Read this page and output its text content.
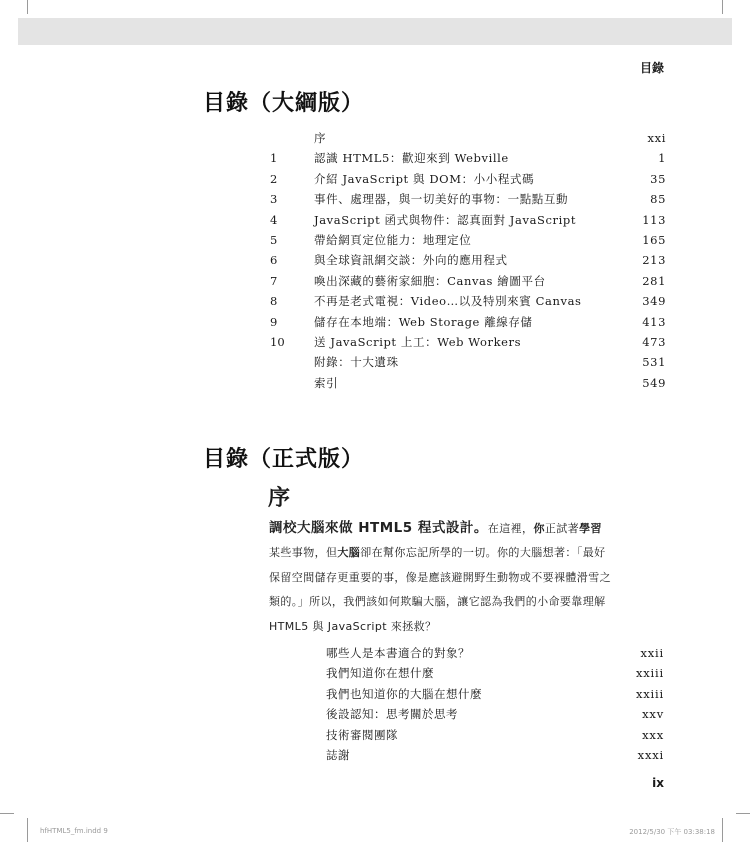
目錄
目錄（大綱版）
序	xxi
1	認識 HTML5：歡迎來到 Webville	1
2	介紹 JavaScript 與 DOM：小小程式碼	35
3	事件、處理器，與一切美好的事物：一點點互動	85
4	JavaScript 函式與物件：認真面對 JavaScript	113
5	帶給網頁定位能力：地理定位	165
6	與全球資訊網交談：外向的應用程式	213
7	喚出深藏的藝術家細胞：Canvas 繪圖平台	281
8	不再是老式電視：Video…以及特別來賓 Canvas	349
9	儲存在本地端：Web Storage 離線存儲	413
10	送 JavaScript 上工：Web Workers	473
附錄：十大遺珠	531
索引	549
目錄（正式版）
序
調校大腦來做 HTML5 程式設計。在這裡，你正試著學習
某些事物，但大腦卻在幫你忘記所學的一切。你的大腦想著：「最好
保留空間儲存更重要的事，像是應該避開野生動物或不要裸體滑雪之
類的。」所以，我們該如何欺騙大腦，讓它認為我們的小命要靠理解
HTML5 與 JavaScript 來拯救？
哪些人是本書適合的對象？	xxii
我們知道你在想什麼	xxiii
我們也知道你的大腦在想什麼	xxiii
後設認知：思考關於思考	xxv
技術審閱團隊	xxx
誌謝	xxxi
ix
hfHTML5_fm.indd 9	2012/5/30 下午 03:38:18
